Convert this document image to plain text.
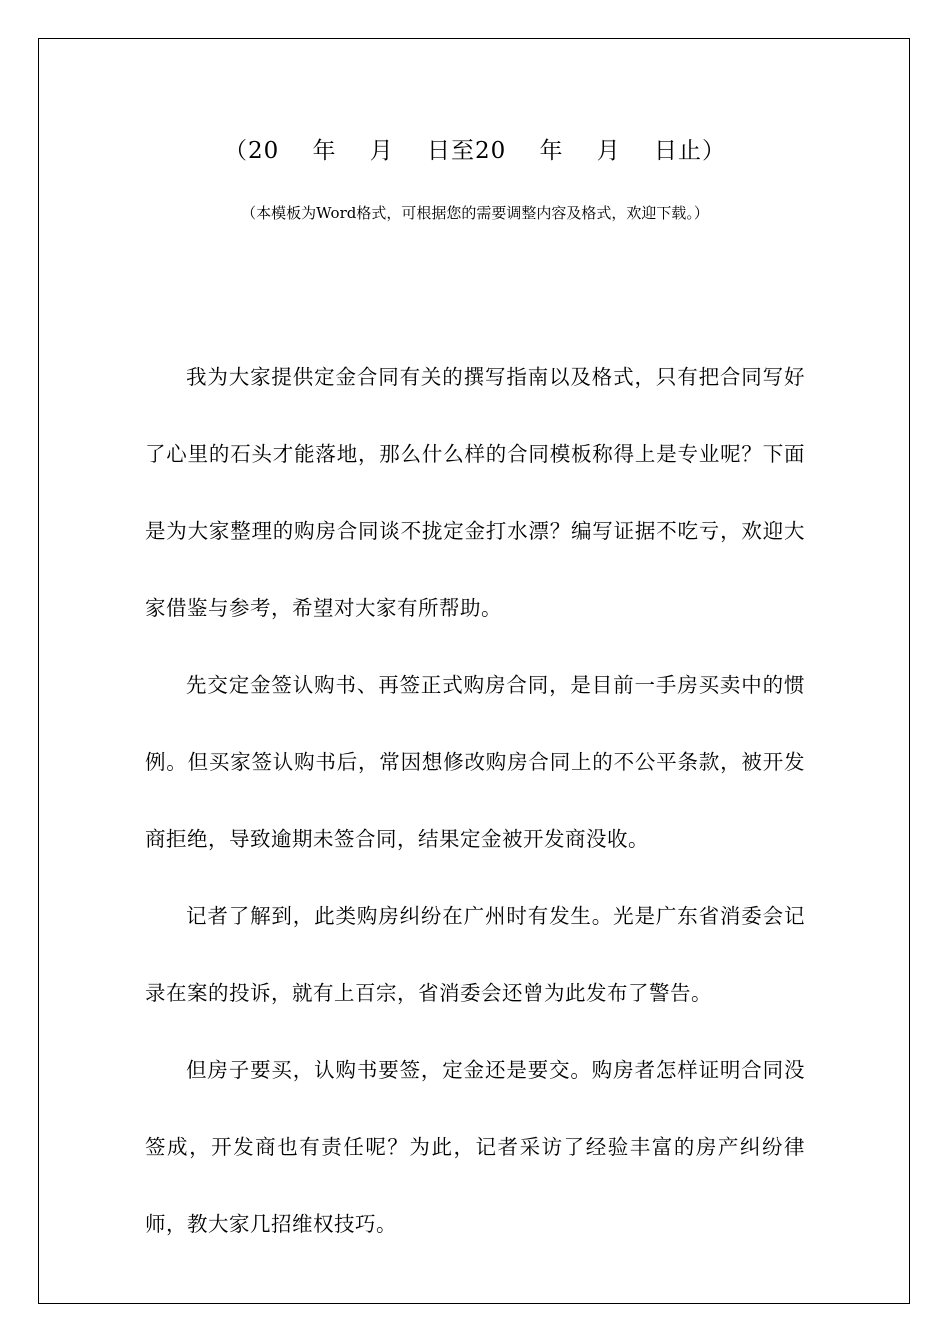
（20    年    月    日至20    年    月    日止）
（本模板为Word格式，可根据您的需要调整内容及格式，欢迎下载。）

我为大家提供定金合同有关的撰写指南以及格式，只有把合同写好了心里的石头才能落地，那么什么样的合同模板称得上是专业呢？下面是为大家整理的购房合同谈不拢定金打水漂？编写证据不吃亏，欢迎大家借鉴与参考，希望对大家有所帮助。

先交定金签认购书、再签正式购房合同，是目前一手房买卖中的惯例。但买家签认购书后，常因想修改购房合同上的不公平条款，被开发商拒绝，导致逾期未签合同，结果定金被开发商没收。

记者了解到，此类购房纠纷在广州时有发生。光是广东省消委会记录在案的投诉，就有上百宗，省消委会还曾为此发布了警告。

但房子要买，认购书要签，定金还是要交。购房者怎样证明合同没签成，开发商也有责任呢？为此，记者采访了经验丰富的房产纠纷律师，教大家几招维权技巧。
